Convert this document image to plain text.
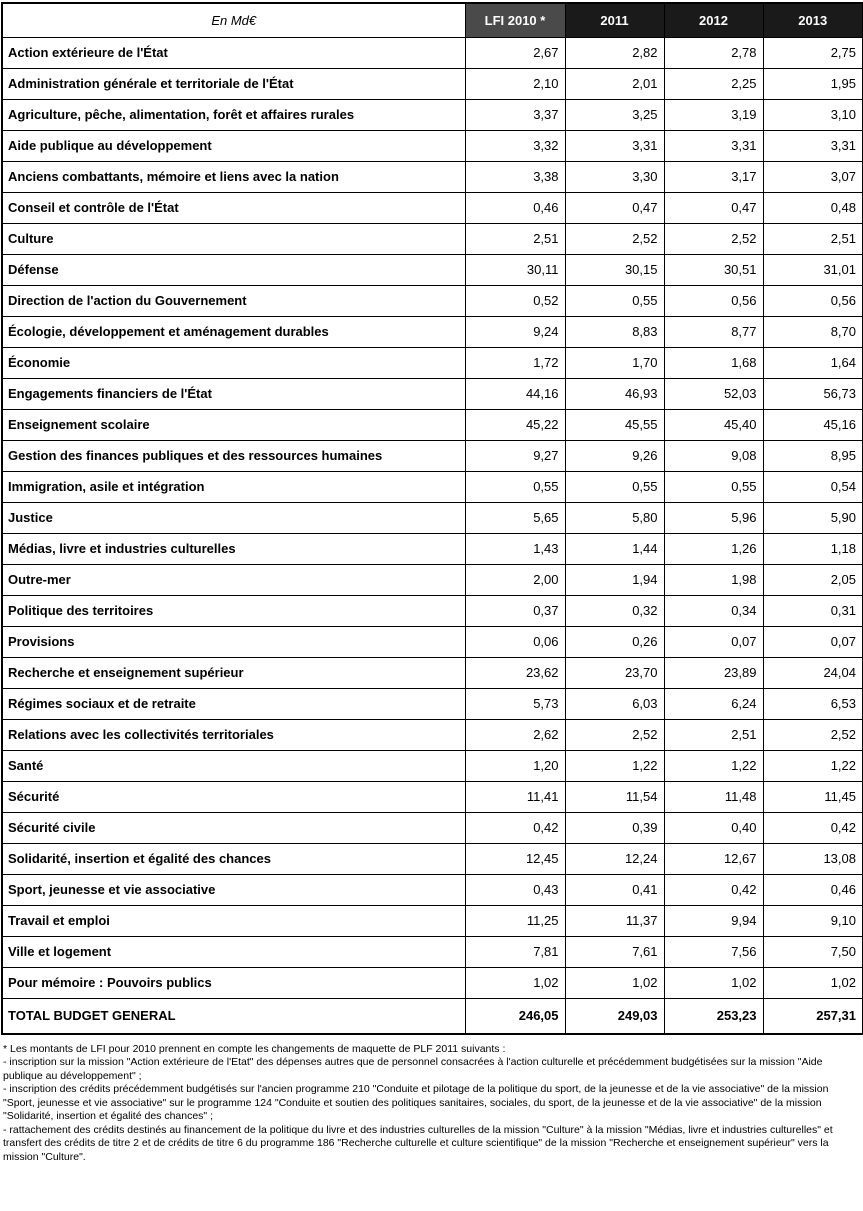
En Md€	LFI 2010 *	2011	2012	2013
Action extérieure de l'État	2,67	2,82	2,78	2,75
Administration générale et territoriale de l'État	2,10	2,01	2,25	1,95
Agriculture, pêche, alimentation, forêt et affaires rurales	3,37	3,25	3,19	3,10
Aide publique au développement	3,32	3,31	3,31	3,31
Anciens combattants, mémoire et liens avec la nation	3,38	3,30	3,17	3,07
Conseil et contrôle de l'État	0,46	0,47	0,47	0,48
Culture	2,51	2,52	2,52	2,51
Défense	30,11	30,15	30,51	31,01
Direction de l'action du Gouvernement	0,52	0,55	0,56	0,56
Écologie, développement et aménagement durables	9,24	8,83	8,77	8,70
Économie	1,72	1,70	1,68	1,64
Engagements financiers de l'État	44,16	46,93	52,03	56,73
Enseignement scolaire	45,22	45,55	45,40	45,16
Gestion des finances publiques et des ressources humaines	9,27	9,26	9,08	8,95
Immigration, asile et intégration	0,55	0,55	0,55	0,54
Justice	5,65	5,80	5,96	5,90
Médias, livre et industries culturelles	1,43	1,44	1,26	1,18
Outre-mer	2,00	1,94	1,98	2,05
Politique des territoires	0,37	0,32	0,34	0,31
Provisions	0,06	0,26	0,07	0,07
Recherche et enseignement supérieur	23,62	23,70	23,89	24,04
Régimes sociaux et de retraite	5,73	6,03	6,24	6,53
Relations avec les collectivités territoriales	2,62	2,52	2,51	2,52
Santé	1,20	1,22	1,22	1,22
Sécurité	11,41	11,54	11,48	11,45
Sécurité civile	0,42	0,39	0,40	0,42
Solidarité, insertion et égalité des chances	12,45	12,24	12,67	13,08
Sport, jeunesse et vie associative	0,43	0,41	0,42	0,46
Travail et emploi	11,25	11,37	9,94	9,10
Ville et logement	7,81	7,61	7,56	7,50
Pour mémoire : Pouvoirs publics	1,02	1,02	1,02	1,02
TOTAL BUDGET GENERAL	246,05	249,03	253,23	257,31
* Les montants de LFI pour 2010 prennent en compte les changements de maquette de PLF 2011 suivants :
- inscription sur la mission "Action extérieure de l'Etat" des dépenses autres que de personnel consacrées à l'action culturelle et précédemment budgétisées sur la mission "Aide publique au développement" ;
- inscription des crédits précédemment budgétisés sur l'ancien programme 210 "Conduite et pilotage de la politique du sport, de la jeunesse et de la vie associative" de la mission "Sport, jeunesse et vie associative" sur le programme 124 "Conduite et soutien des politiques sanitaires, sociales, du sport, de la jeunesse et de la vie associative" de la mission "Solidarité, insertion et égalité des chances" ;
- rattachement des crédits destinés au financement de la politique du livre et des industries culturelles de la mission "Culture" à la mission "Médias, livre et industries culturelles" et transfert des crédits de titre 2 et de crédits de titre 6 du programme 186 "Recherche culturelle et culture scientifique" de la mission "Recherche et enseignement supérieur" vers la mission "Culture".
